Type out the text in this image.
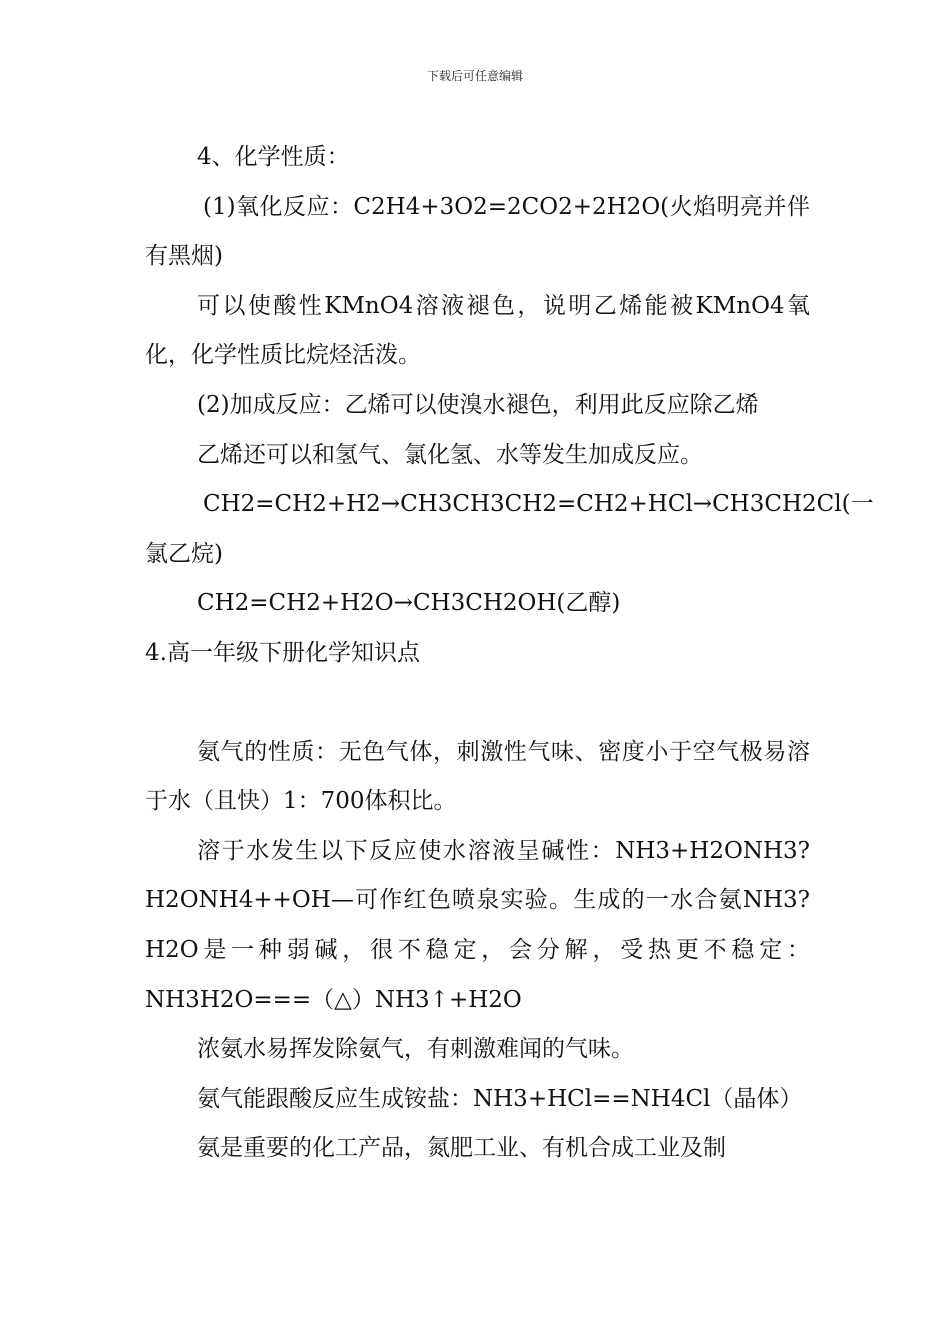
下载后可任意编辑

4、化学性质：

(1)氧化反应：C2H4+3O2=2CO2+2H2O(火焰明亮并伴有黑烟)

可以使酸性KMnO4溶液褪色，说明乙烯能被KMnO4氧化，化学性质比烷烃活泼。

(2)加成反应：乙烯可以使溴水褪色，利用此反应除乙烯

乙烯还可以和氢气、氯化氢、水等发生加成反应。

CH2=CH2+H2→CH3CH3CH2=CH2+HCl→CH3CH2Cl(一氯乙烷)

CH2=CH2+H2O→CH3CH2OH(乙醇)

4.高一年级下册化学知识点

氨气的性质：无色气体，刺激性气味、密度小于空气极易溶于水（且快）1：700体积比。

溶于水发生以下反应使水溶液呈碱性：NH3+H2ONH3?H2ONH4++OH—可作红色喷泉实验。生成的一水合氨NH3?H2O是一种弱碱，很不稳定，会分解，受热更不稳定：NH3H2O===（△）NH3↑+H2O

浓氨水易挥发除氨气，有刺激难闻的气味。

氨气能跟酸反应生成铵盐：NH3+HCl==NH4Cl（晶体）

氨是重要的化工产品，氮肥工业、有机合成工业及制
